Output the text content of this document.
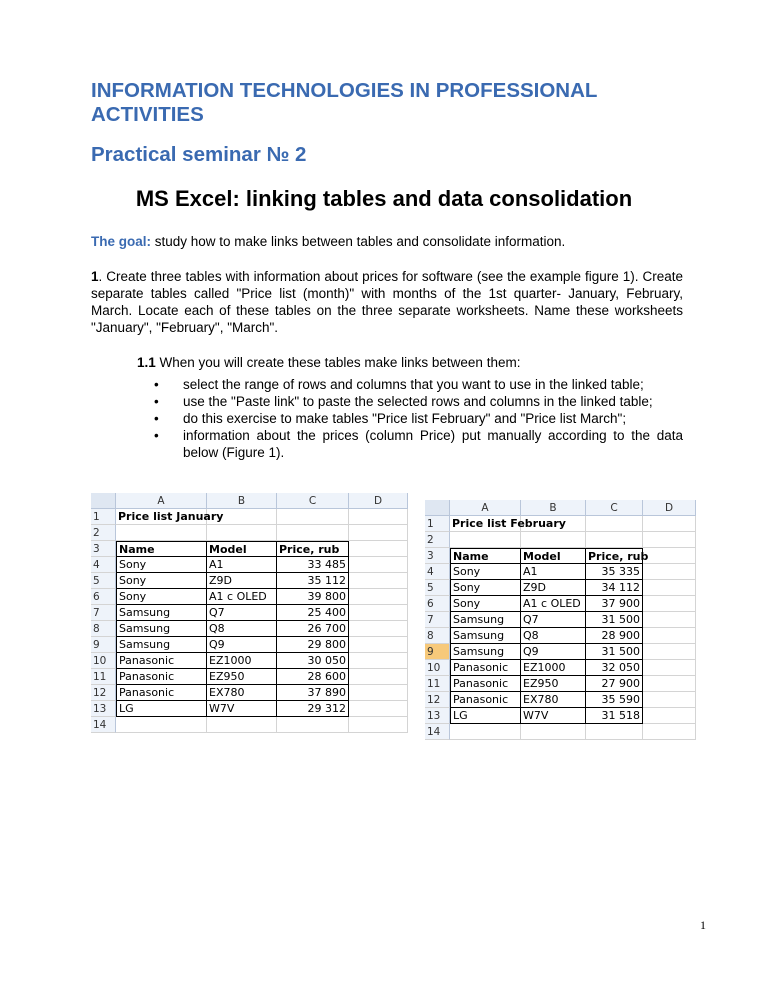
INFORMATION TECHNOLOGIES IN PROFESSIONAL ACTIVITIES
Practical seminar № 2
MS Excel: linking tables and data consolidation
The goal: study how to make links between tables and consolidate information.
1. Create three tables with information about prices for software (see the example figure 1). Create separate tables called "Price list (month)" with months of the 1st quarter- January, February, March. Locate each of these tables on the three separate worksheets. Name these worksheets "January", "February", "March".
1.1 When you will create these tables make links between them:
• select the range of rows and columns that you want to use in the linked table;
• use the "Paste link" to paste the selected rows and columns in the linked table;
• do this exercise to make tables "Price list February" and "Price list March";
• information about the prices (column Price) put manually according to the data below (Figure 1).
A	B	C	D
1	Price list January
2
3	Name	Model	Price, rub
4	Sony	A1	33 485
5	Sony	Z9D	35 112
6	Sony	A1 c OLED	39 800
7	Samsung	Q7	25 400
8	Samsung	Q8	26 700
9	Samsung	Q9	29 800
10	Panasonic	EZ1000	30 050
11	Panasonic	EZ950	28 600
12	Panasonic	EX780	37 890
13	LG	W7V	29 312
14
A	B	C	D
1	Price list February
2
3	Name	Model	Price, rub
4	Sony	A1	35 335
5	Sony	Z9D	34 112
6	Sony	A1 c OLED	37 900
7	Samsung	Q7	31 500
8	Samsung	Q8	28 900
9	Samsung	Q9	31 500
10	Panasonic	EZ1000	32 050
11	Panasonic	EZ950	27 900
12	Panasonic	EX780	35 590
13	LG	W7V	31 518
14
1
